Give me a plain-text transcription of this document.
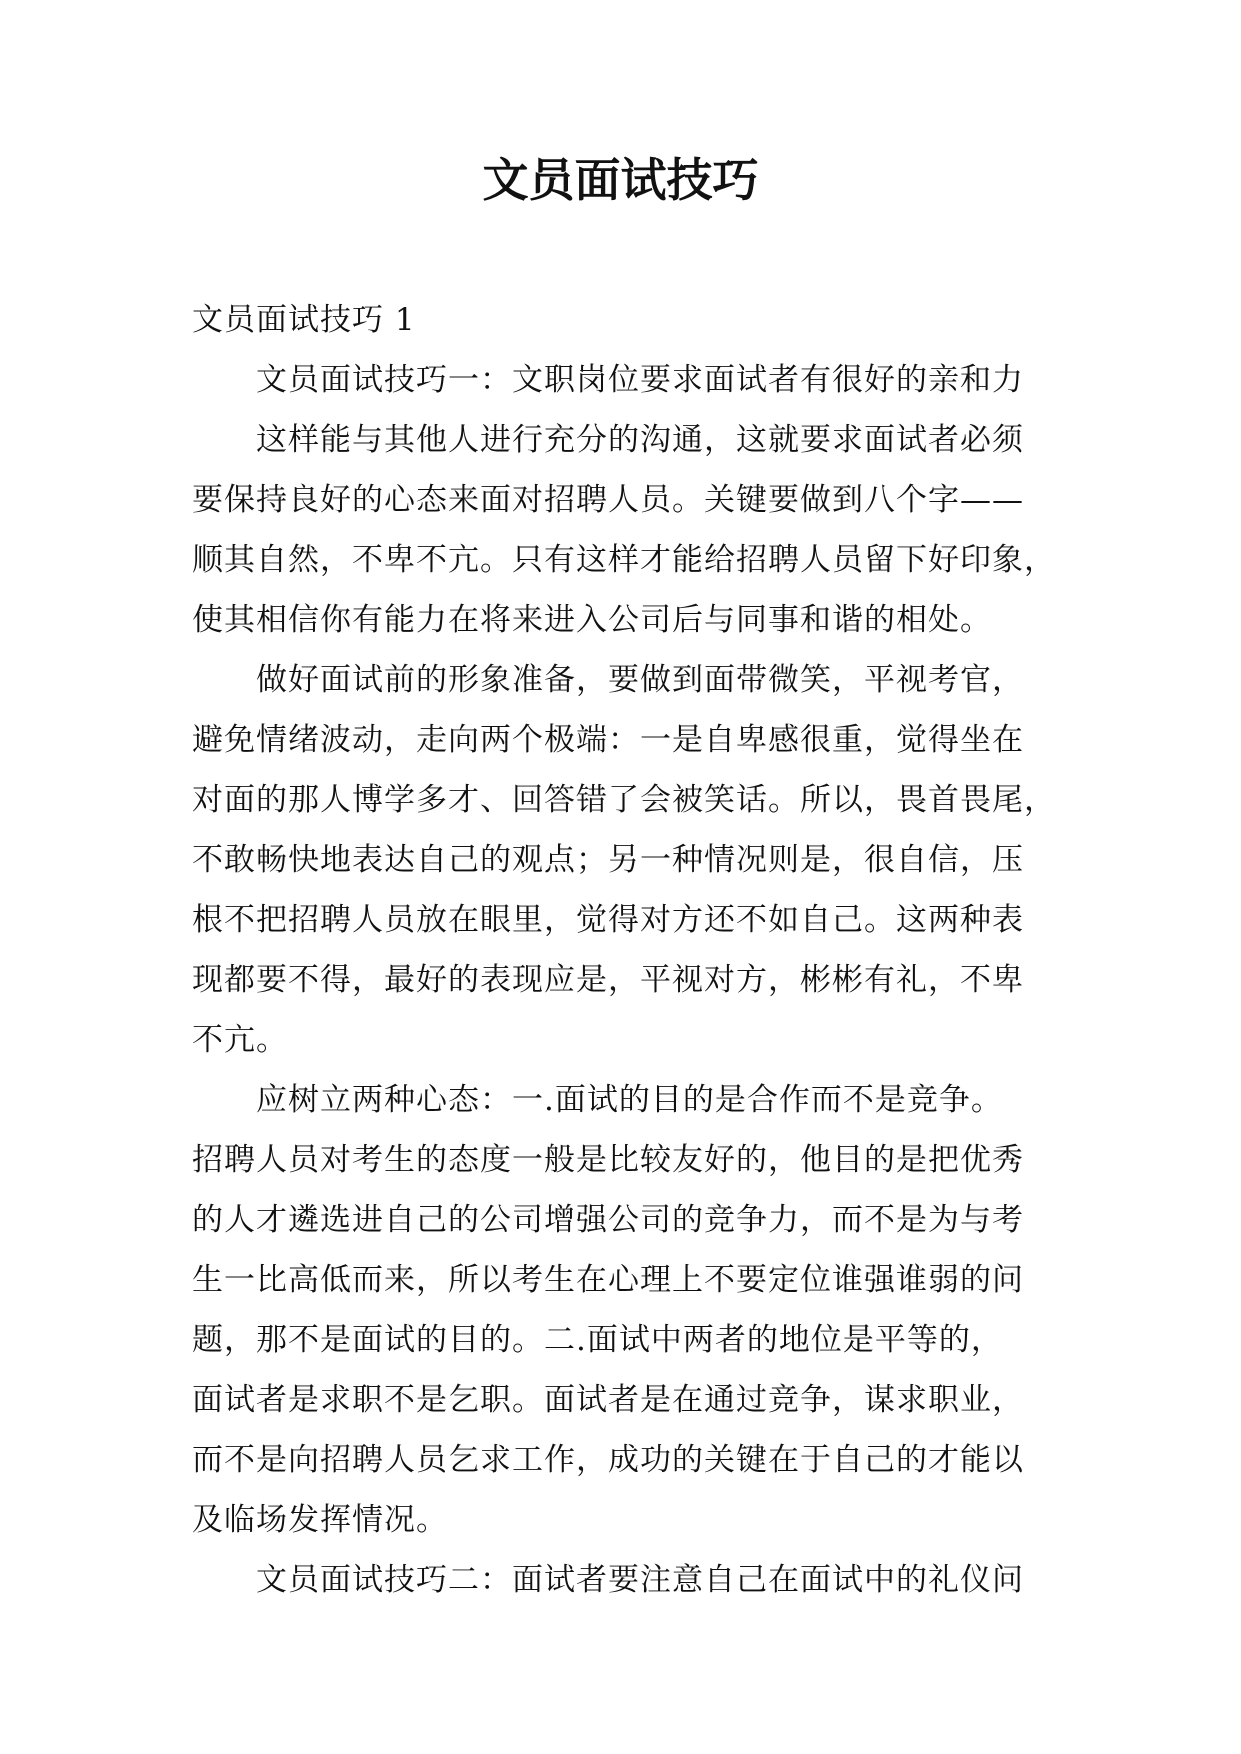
文员面试技巧

文员面试技巧 1

文员面试技巧一：文职岗位要求面试者有很好的亲和力

这样能与其他人进行充分的沟通，这就要求面试者必须

要保持良好的心态来面对招聘人员。关键要做到八个字——

顺其自然，不卑不亢。只有这样才能给招聘人员留下好印象，

使其相信你有能力在将来进入公司后与同事和谐的相处。

做好面试前的形象准备，要做到面带微笑，平视考官，

避免情绪波动，走向两个极端：一是自卑感很重，觉得坐在

对面的那人博学多才、回答错了会被笑话。所以，畏首畏尾，

不敢畅快地表达自己的观点；另一种情况则是，很自信，压

根不把招聘人员放在眼里，觉得对方还不如自己。这两种表

现都要不得，最好的表现应是，平视对方，彬彬有礼，不卑

不亢。

应树立两种心态：一.面试的目的是合作而不是竞争。

招聘人员对考生的态度一般是比较友好的，他目的是把优秀

的人才遴选进自己的公司增强公司的竞争力，而不是为与考

生一比高低而来，所以考生在心理上不要定位谁强谁弱的问

题，那不是面试的目的。二.面试中两者的地位是平等的，

面试者是求职不是乞职。面试者是在通过竞争，谋求职业，

而不是向招聘人员乞求工作，成功的关键在于自己的才能以

及临场发挥情况。

文员面试技巧二：面试者要注意自己在面试中的礼仪问
